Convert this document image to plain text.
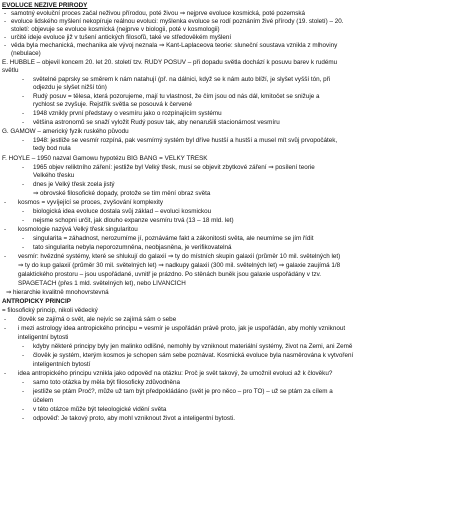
EVOLUCE NEŽIVÉ PŘÍRODY
- samotný evoluční proces začal neživou přírodou, poté živou ⇒ nejprve evoluce kosmická, poté pozemská
- evoluce lidského myšlení nekopíruje reálnou evoluci: myšlenka evoluce se rodí poznáním živé přírody (19. století) – 20.
století: objevuje se evoluce kosmická (nejprve v biologii, poté v kosmologii)
- určité ideje evoluce již v tušení antických filosofů, také ve středověkém myšlení
- věda byla mechanická, mechanika ale vývoj neznala ⇒ Kant-Laplaceova teorie: sluneční soustava vznikla z mlhoviny
(nebulace)
E. HUBBLE – objevil koncem 20. let 20. století tzv. RUDÝ POSUV – při dopadu světla dochází k posuvu barev k rudému
světlu
- světelné paprsky se směrem k nám natahují (př. na dálnici, když se k nám auto blíží, je slyšet vyšší tón, při
odjezdu je slyšet nižší tón)
- Rudý posuv = tělesa, která pozorujeme, mají tu vlastnost, že čím jsou od nás dál, kmitočet se snižuje a
rychlost se zvyšuje. Rejstřík světla se posouvá k červené
- 1948 vznikly první představy o vesmíru jako o rozpínajícím systému
- většina astronomů se snaží vyložit Rudý posuv tak, aby nenarušili stacionárnost vesmíru
G. GAMOW – americký fyzik ruského původu
- 1948: jestliže se vesmír rozpíná, pak vesmírný systém byl dříve hustší a hustší a musel mít svůj prvopočátek,
tedy bod nula
F. HOYLE – 1950 nazval Gamowu hypotézu BIG BANG = VELKÝ TŘESK
- 1965 objev reliktního záření: jestliže byl Velký třesk, musí se objevit zbytkové záření ⇒ posílení teorie
Velkého třesku
- dnes je Velký třesk zcela jistý
⇒ obrovské filosofické dopady, protože se tím mění obraz světa
- kosmos = vyvíjející se proces, zvyšování komplexity
- biologická idea evoluce dostala svůj základ – evoluci kosmickou
- nejsme schopni určit, jak dlouho expanze vesmíru trvá (13 – 18 mld. let)
- kosmologie nazývá Velký třesk singularitou
- singularita = záhadnost, nerozumíme jí, poznáváme fakt a zákonitosti světa, ale neumíme se jím řídit
- tato singularita nebyla neporozumněna, neobjasněna, je verifikovatelná
- vesmír: hvězdné systémy, které se shlukují do galaxií ⇒ ty do místních skupin galaxií (průměr 10 mil. světelných let)
⇒ ty do kup galaxií (průměr 30 mil. světelných let) ⇒ nadkupy galaxií (300 mil. světelných let) ⇒ galaxie zaujímá 1/8
galaktického prostoru – jsou uspořádané, uvnitř je prázdno. Po stěnách buněk jsou galaxie uspořádány v tzv.
ŠPAGETÁCH (přes 1 mld. světelných let), nebo LIVANCÍCH
⇒ hierarchie kvalitně mnohovrstevná
ANTROPICKÝ PRINCIP
= filosofický princip, nikoli vědecký
- člověk se zajímá o svět, ale nejvíc se zajímá sám o sebe
- i mezi astrology idea antropického principu = vesmír je uspořádán právě proto, jak je uspořádán, aby mohly vzniknout
inteligentní bytosti
- kdyby některé principy byly jen malinko odlišné, nemohly by vzniknout materiální systémy, život na Zemi, ani Země
- člověk je systém, kterým kosmos je schopen sám sebe poznávat. Kosmická evoluce byla nasměrována k vytvoření
inteligentních bytostí
- idea antropického principu vznikla jako odpověď na otázku: Proč je svět takový, že umožnil evoluci až k člověku?
- samo toto otázka by měla být filosoficky zdůvodněna
- jestliže se ptám Proč?, může už tam být předpokládáno (svět je pro něco – pro TO) – už se ptám za cílem a
účelem
- v této otázce může být teleologické vidění světa
- odpověď: Je takový proto, aby mohl vzniknout život a inteligentní bytosti.
